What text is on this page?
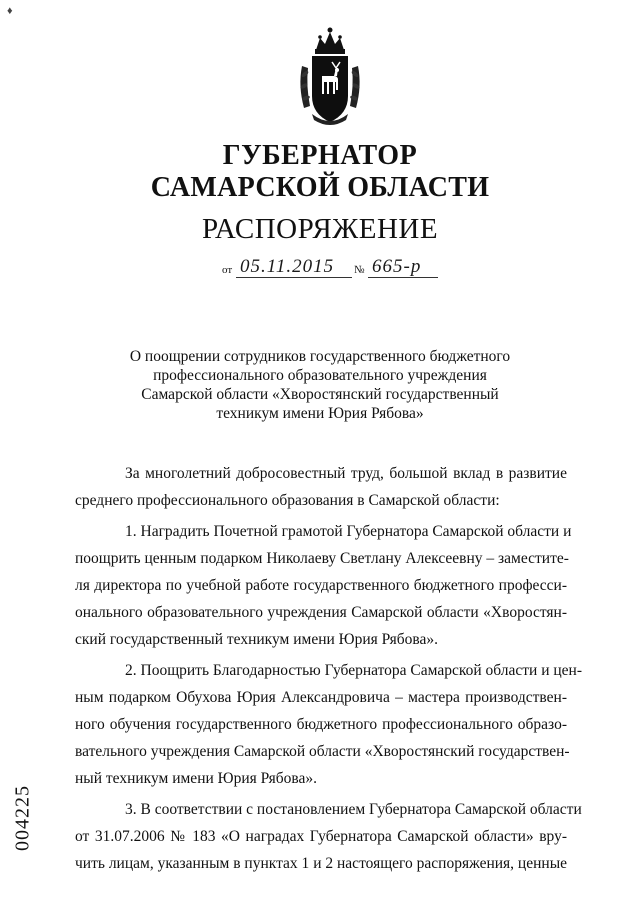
♦
ГУБЕРНАТОР
САМАРСКОЙ ОБЛАСТИ
РАСПОРЯЖЕНИЕ
от 05.11.2015 № 665-р
О поощрении сотрудников государственного бюджетного
профессионального образовательного учреждения
Самарской области «Хворостянский государственный
техникум имени Юрия Рябова»
За многолетний добросовестный труд, большой вклад в развитие
среднего профессионального образования в Самарской области:
1. Наградить Почетной грамотой Губернатора Самарской области и
поощрить ценным подарком Николаеву Светлану Алексеевну – заместите-
ля директора по учебной работе государственного бюджетного професси-
онального образовательного учреждения Самарской области «Хворостян-
ский государственный техникум имени Юрия Рябова».
2. Поощрить Благодарностью Губернатора Самарской области и цен-
ным подарком Обухова Юрия Александровича – мастера производствен-
ного обучения государственного бюджетного профессионального образо-
вательного учреждения Самарской области «Хворостянский государствен-
ный техникум имени Юрия Рябова».
3. В соответствии с постановлением Губернатора Самарской области
от 31.07.2006 № 183 «О наградах Губернатора Самарской области» вру-
чить лицам, указанным в пунктах 1 и 2 настоящего распоряжения, ценные
004225
